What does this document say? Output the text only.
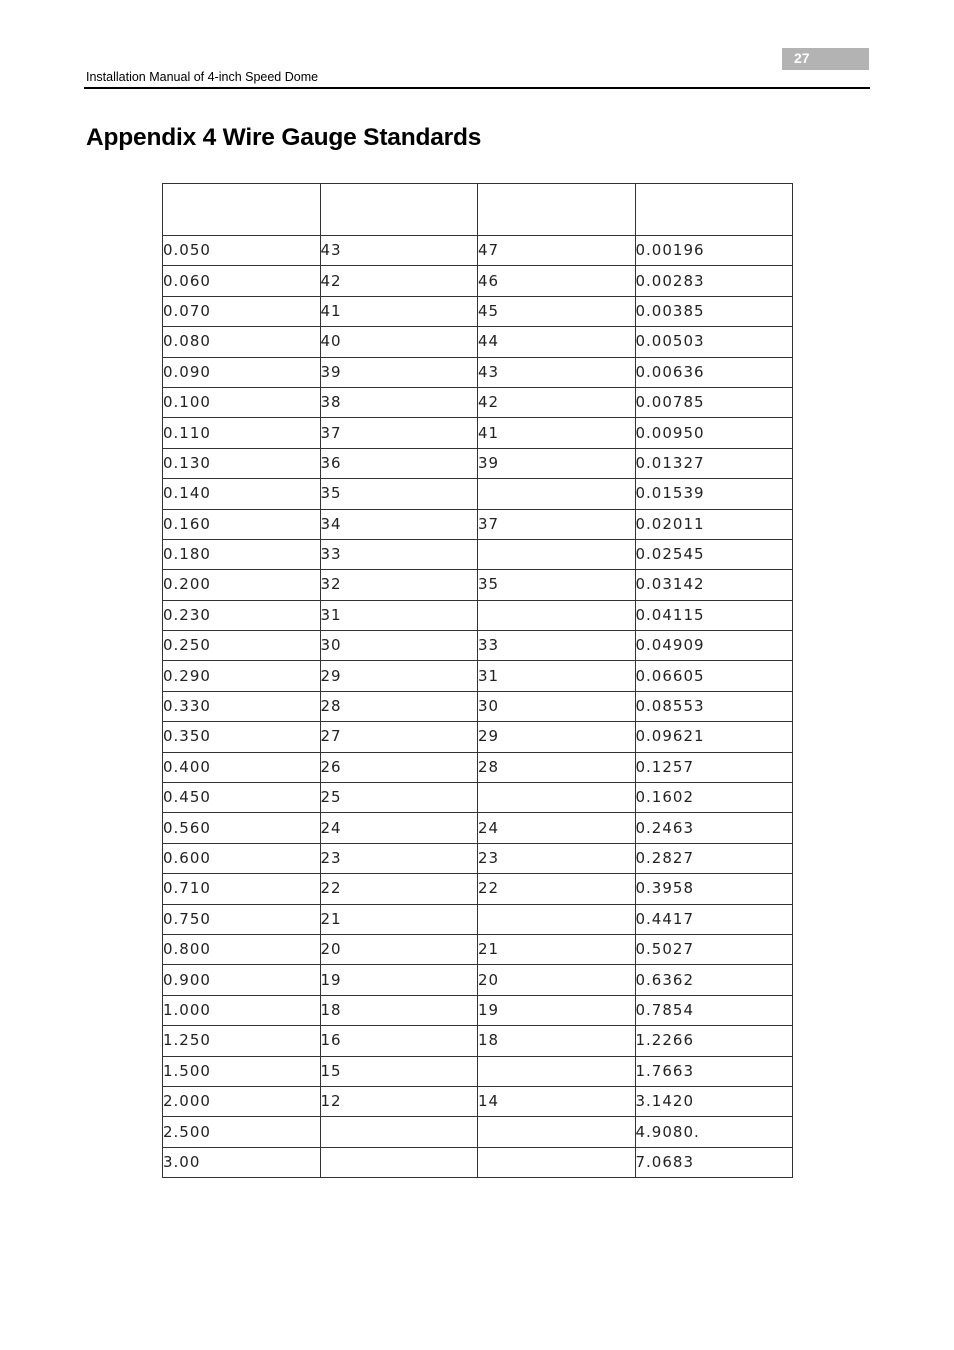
27
Installation Manual of 4-inch Speed Dome
Appendix 4 Wire Gauge Standards

0.050	43	47	0.00196
0.060	42	46	0.00283
0.070	41	45	0.00385
0.080	40	44	0.00503
0.090	39	43	0.00636
0.100	38	42	0.00785
0.110	37	41	0.00950
0.130	36	39	0.01327
0.140	35		0.01539
0.160	34	37	0.02011
0.180	33		0.02545
0.200	32	35	0.03142
0.230	31		0.04115
0.250	30	33	0.04909
0.290	29	31	0.06605
0.330	28	30	0.08553
0.350	27	29	0.09621
0.400	26	28	0.1257
0.450	25		0.1602
0.560	24	24	0.2463
0.600	23	23	0.2827
0.710	22	22	0.3958
0.750	21		0.4417
0.800	20	21	0.5027
0.900	19	20	0.6362
1.000	18	19	0.7854
1.250	16	18	1.2266
1.500	15		1.7663
2.000	12	14	3.1420
2.500			4.9080.
3.00			7.0683
